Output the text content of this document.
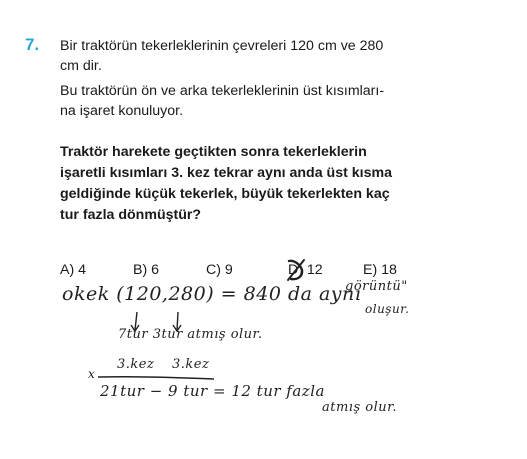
7. Bir traktörün tekerleklerinin çevreleri 120 cm ve 280
cm dir.
Bu traktörün ön ve arka tekerleklerinin üst kısımları-
na işaret konuluyor.
Traktör harekete geçtikten sonra tekerleklerin
işaretli kısımları 3. kez tekrar aynı anda üst kısma
geldiğinde küçük tekerlek, büyük tekerlekten kaç
tur fazla dönmüştür?
A) 4	B) 6	C) 9	D) 12	E) 18
okek (120,280) = 840 da aynı
görüntü"
oluşur.
7tur 3tur atmış olur.
x
3.kez 3.kez
21tur − 9 tur = 12 tur fazla
atmış olur.
